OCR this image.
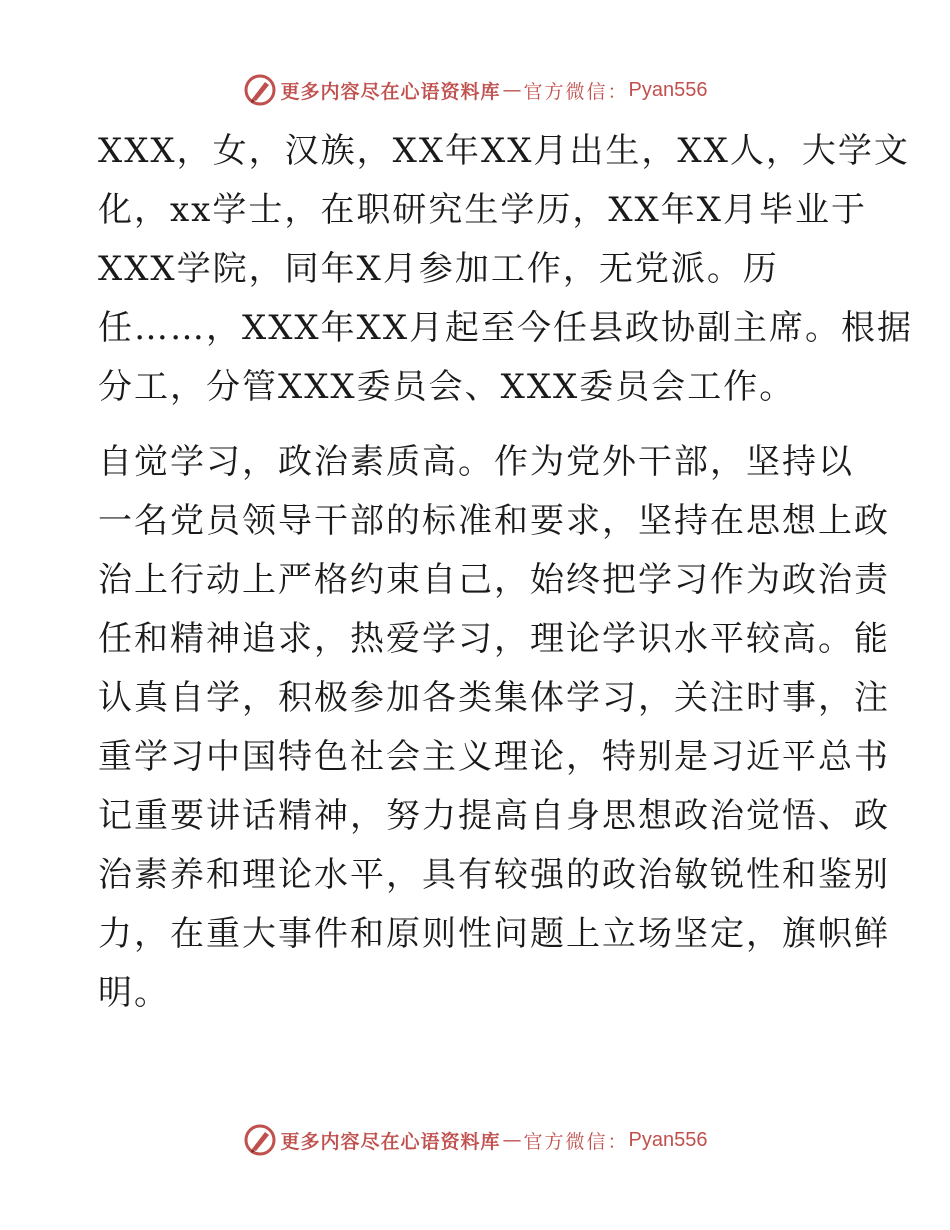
更多内容尽在心语资料库 — 官方微信： Pyan556

XXX，女，汉族，XX年XX月出生，XX人，大学文
化，xx学士，在职研究生学历，XX年X月毕业于
XXX学院，同年X月参加工作，无党派。历
任……，XXX年XX月起至今任县政协副主席。根据
分工，分管XXX委员会、XXX委员会工作。

自觉学习，政治素质高。作为党外干部，坚持以
一名党员领导干部的标准和要求，坚持在思想上政
治上行动上严格约束自己，始终把学习作为政治责
任和精神追求，热爱学习，理论学识水平较高。能
认真自学，积极参加各类集体学习，关注时事，注
重学习中国特色社会主义理论，特别是习近平总书
记重要讲话精神，努力提高自身思想政治觉悟、政
治素养和理论水平，具有较强的政治敏锐性和鉴别
力，在重大事件和原则性问题上立场坚定，旗帜鲜
明。

更多内容尽在心语资料库 — 官方微信： Pyan556
